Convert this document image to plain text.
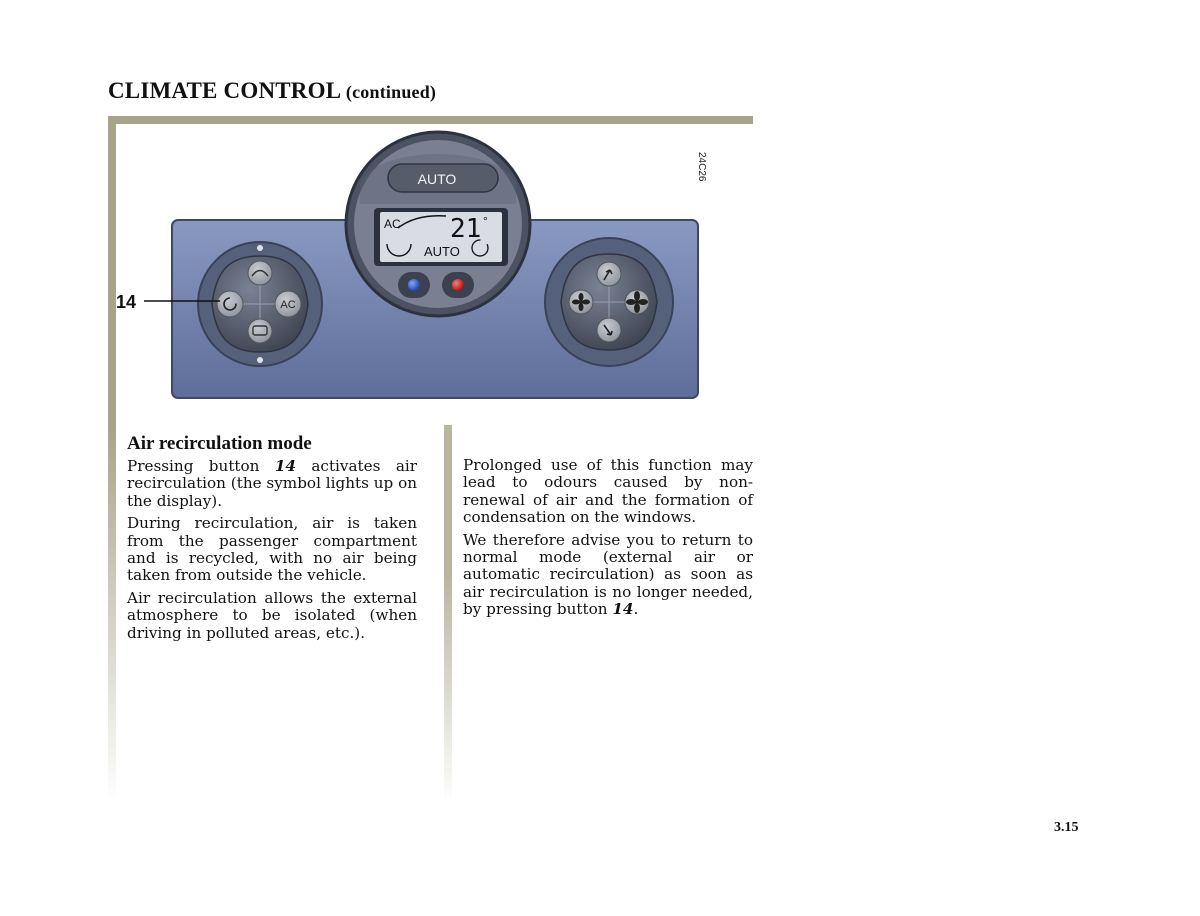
CLIMATE CONTROL (continued)
24C26
AC
14
AUTO
AC 21 °
AUTO
Air recirculation mode

Pressing button 14 activates air recirculation (the symbol lights up on the display).

During recirculation, air is taken from the passenger compartment and is recycled, with no air being taken from outside the vehicle.

Air recirculation allows the external atmosphere to be isolated (when driving in polluted areas, etc.).

Prolonged use of this function may lead to odours caused by non-renewal of air and the formation of condensation on the windows.

We therefore advise you to return to normal mode (external air or automatic recirculation) as soon as air recirculation is no longer needed, by pressing button 14.

3.15
